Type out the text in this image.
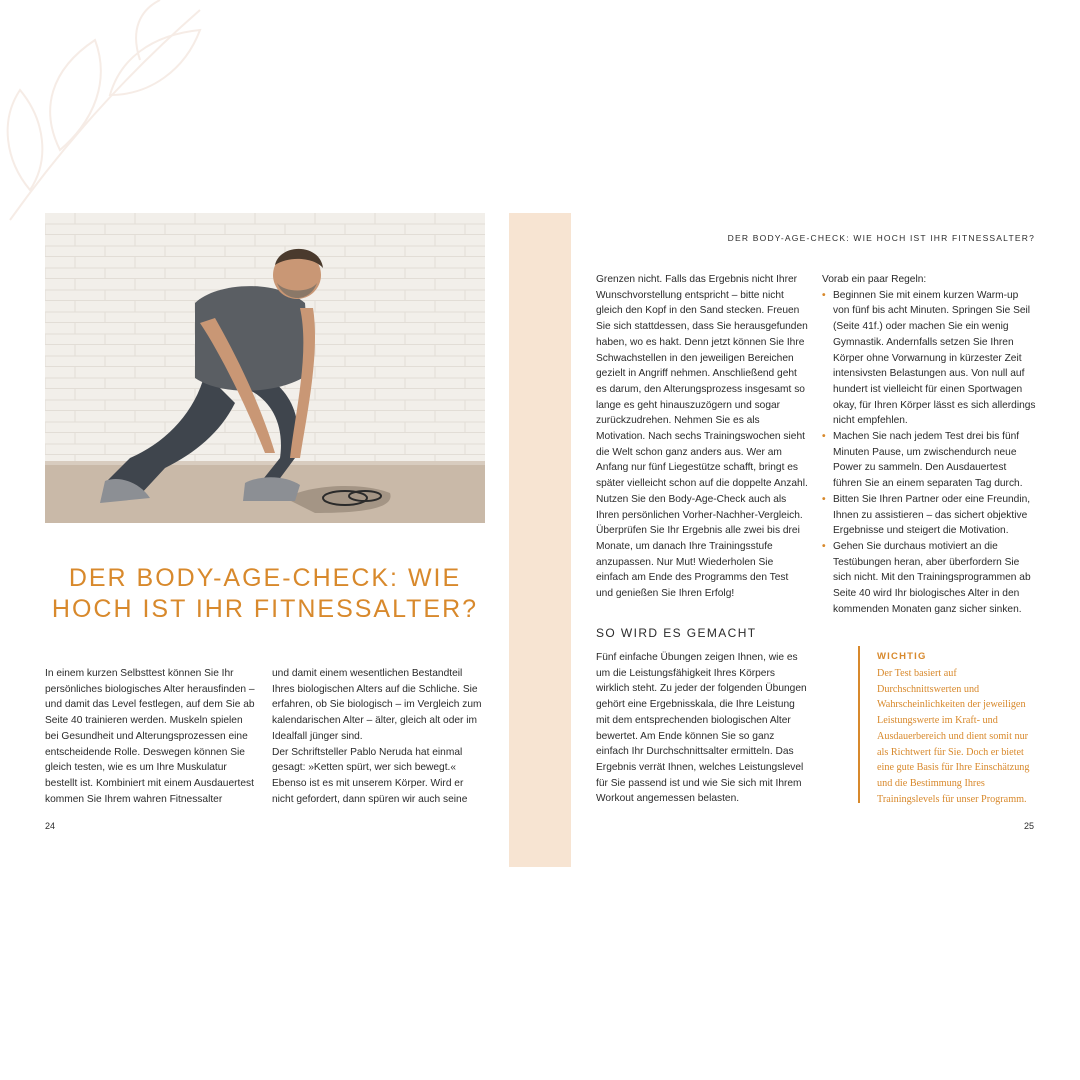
DER BODY-AGE-CHECK: WIE HOCH IST IHR FITNESSALTER?

In einem kurzen Selbsttest können Sie Ihr persönliches biologisches Alter herausfinden – und damit das Level festlegen, auf dem Sie ab Seite 40 trainieren werden. Muskeln spielen bei Gesundheit und Alterungsprozessen eine entscheidende Rolle. Deswegen können Sie gleich testen, wie es um Ihre Muskulatur bestellt ist. Kombiniert mit einem Ausdauertest kommen Sie Ihrem wahren Fitnessalter

und damit einem wesentlichen Bestandteil Ihres biologischen Alters auf die Schliche. Sie erfahren, ob Sie biologisch – im Vergleich zum kalendarischen Alter – älter, gleich alt oder im Idealfall jünger sind.

Der Schriftsteller Pablo Neruda hat einmal gesagt: »Ketten spürt, wer sich bewegt.« Ebenso ist es mit unserem Körper. Wird er nicht gefordert, dann spüren wir auch seine

24
DER BODY-AGE-CHECK: WIE HOCH IST IHR FITNESSALTER?

Grenzen nicht. Falls das Ergebnis nicht Ihrer Wunschvorstellung entspricht – bitte nicht gleich den Kopf in den Sand stecken. Freuen Sie sich stattdessen, dass Sie herausgefunden haben, wo es hakt. Denn jetzt können Sie Ihre Schwachstellen in den jeweiligen Bereichen gezielt in Angriff nehmen. Anschließend geht es darum, den Alterungsprozess insgesamt so lange es geht hinauszuzögern und sogar zurückzudrehen. Nehmen Sie es als Motivation. Nach sechs Trainingswochen sieht die Welt schon ganz anders aus. Wer am Anfang nur fünf Liegestütze schafft, bringt es später vielleicht schon auf die doppelte Anzahl. Nutzen Sie den Body-Age-Check auch als Ihren persönlichen Vorher-Nachher-Vergleich. Überprüfen Sie Ihr Ergebnis alle zwei bis drei Monate, um danach Ihre Trainingsstufe anzupassen. Nur Mut! Wiederholen Sie einfach am Ende des Programms den Test und genießen Sie Ihren Erfolg!

Vorab ein paar Regeln:

• Beginnen Sie mit einem kurzen Warm-up von fünf bis acht Minuten. Springen Sie Seil (Seite 41f.) oder machen Sie ein wenig Gymnastik. Andernfalls setzen Sie Ihren Körper ohne Vorwarnung in kürzester Zeit intensivsten Belastungen aus. Von null auf hundert ist vielleicht für einen Sportwagen okay, für Ihren Körper lässt es sich allerdings nicht empfehlen.
• Machen Sie nach jedem Test drei bis fünf Minuten Pause, um zwischendurch neue Power zu sammeln. Den Ausdauertest führen Sie an einem separaten Tag durch.
• Bitten Sie Ihren Partner oder eine Freundin, Ihnen zu assistieren – das sichert objektive Ergebnisse und steigert die Motivation.
• Gehen Sie durchaus motiviert an die Testübungen heran, aber überfordern Sie sich nicht. Mit den Trainingsprogrammen ab Seite 40 wird Ihr biologisches Alter in den kommenden Monaten ganz sicher sinken.
SO WIRD ES GEMACHT

Fünf einfache Übungen zeigen Ihnen, wie es um die Leistungsfähigkeit Ihres Körpers wirklich steht. Zu jeder der folgenden Übungen gehört eine Ergebnisskala, die Ihre Leistung mit dem entsprechenden biologischen Alter bewertet. Am Ende können Sie so ganz einfach Ihr Durchschnittsalter ermitteln. Das Ergebnis verrät Ihnen, welches Leistungslevel für Sie passend ist und wie Sie sich mit Ihrem Workout angemessen belasten.

WICHTIG
Der Test basiert auf Durchschnittswerten und Wahrscheinlichkeiten der jeweiligen Leistungswerte im Kraft- und Ausdauerbereich und dient somit nur als Richtwert für Sie. Doch er bietet eine gute Basis für Ihre Einschätzung und die Bestimmung Ihres Trainingslevels für unser Programm.
25
